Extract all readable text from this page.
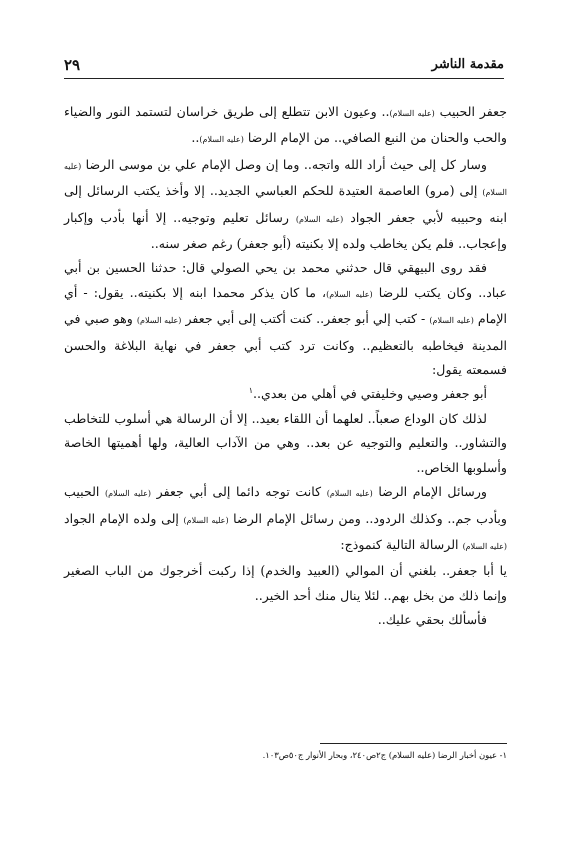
مقدمة الناشر
٢٩

جعفر الحبيب (عليه السلام).. وعيون الابن تتطلع إلى طريق خراسان لتستمد النور والضياء والحب والحنان من النبع الصافي.. من الإمام الرضا (عليه السلام)..

وسار كل إلى حيث أراد الله واتجه.. وما إن وصل الإمام علي بن موسى الرضا (عليه السلام) إلى (مرو) العاصمة العتيدة للحكم العباسي الجديد.. إلا وأخذ يكتب الرسائل إلى ابنه وحبيبه لأبي جعفر الجواد (عليه السلام) رسائل تعليم وتوجيه.. إلا أنها بأدب وإكبار وإعجاب.. فلم يكن يخاطب ولده إلا بكنيته (أبو جعفر) رغم صغر سنه..

فقد روى البيهقي قال حدثني محمد بن يحي الصولي قال: حدثنا الحسين بن أبي عباد.. وكان يكتب للرضا (عليه السلام)، ما كان يذكر محمدا ابنه إلا بكنيته.. يقول: - أي الإمام (عليه السلام) - كتب إلي أبو جعفر.. كنت أكتب إلى أبي جعفر (عليه السلام) وهو صبي في المدينة فيخاطبه بالتعظيم.. وكانت ترد كتب أبي جعفر في نهاية البلاغة والحسن فسمعته يقول:

أبو جعفر وصيي وخليفتي في أهلي من بعدي..$^١$

لذلك كان الوداع صعباً.. لعلهما أن اللقاء بعيد.. إلا أن الرسالة هي أسلوب للتخاطب والتشاور.. والتعليم والتوجيه عن بعد.. وهي من الآداب العالية، ولها أهميتها الخاصة وأسلوبها الخاص..

ورسائل الإمام الرضا (عليه السلام) كانت توجه دائما إلى أبي جعفر (عليه السلام) الحبيب وبأدب جم.. وكذلك الردود.. ومن رسائل الإمام الرضا (عليه السلام) إلى ولده الإمام الجواد (عليه السلام) الرسالة التالية كنموذج:

يا أبا جعفر.. بلغني أن الموالي (العبيد والخدم) إذا ركبت أخرجوك من الباب الصغير وإنما ذلك من بخل بهم.. لئلا ينال منك أحد الخير..

فأسألك بحقي عليك..

١- عيون أخبار الرضا (عليه السلام) ج٢ص٢٤٠، وبحار الأنوار ج٥٠ص١٠٣.
